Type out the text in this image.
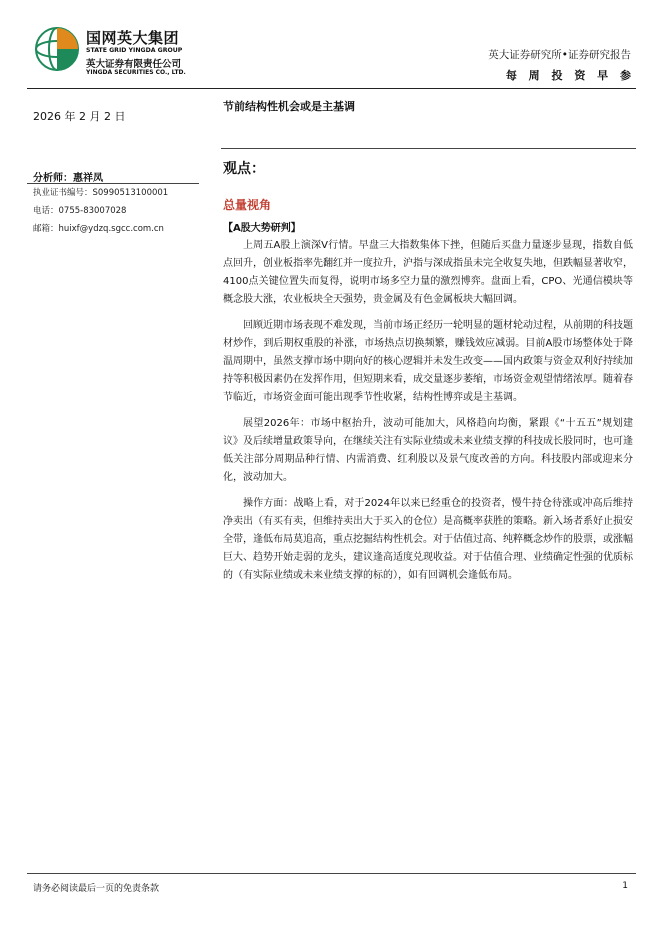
国网英大集团
STATE GRID YINGDA GROUP
英大证券有限责任公司
YINGDA SECURITIES CO., LTD.
英大证券研究所•证券研究报告
每 周 投 资 早 参
2026 年 2 月 2 日
分析师：惠祥凤
执业证书编号：S0990513100001
电话：0755-83007028
邮箱：huixf@ydzq.sgcc.com.cn
节前结构性机会或是主基调
观点：
总量视角
【A股大势研判】

上周五A股上演深V行情。早盘三大指数集体下挫，但随后买盘力量逐步显现，指数自低点回升，创业板指率先翻红并一度拉升，沪指与深成指虽未完全收复失地，但跌幅显著收窄，4100点关键位置失而复得，说明市场多空力量的激烈博弈。盘面上看，CPO、光通信模块等概念股大涨，农业板块全天强势，贵金属及有色金属板块大幅回调。

回顾近期市场表现不难发现，当前市场正经历一轮明显的题材轮动过程，从前期的科技题材炒作，到后期权重股的补涨，市场热点切换频繁，赚钱效应减弱。目前A股市场整体处于降温周期中，虽然支撑市场中期向好的核心逻辑并未发生改变——国内政策与资金双利好持续加持等积极因素仍在发挥作用，但短期来看，成交量逐步萎缩，市场资金观望情绪浓厚。随着春节临近，市场资金面可能出现季节性收紧，结构性博弈或是主基调。

展望2026年：市场中枢抬升，波动可能加大，风格趋向均衡，紧跟《“十五五”规划建议》及后续增量政策导向，在继续关注有实际业绩或未来业绩支撑的科技成长股同时，也可逢低关注部分周期品种行情、内需消费、红利股以及景气度改善的方向。科技股内部或迎来分化，波动加大。

操作方面：战略上看，对于2024年以来已经重仓的投资者，慢牛持仓待涨或冲高后维持净卖出（有买有卖，但维持卖出大于买入的仓位）是高概率获胜的策略。新入场者系好止损安全带，逢低布局莫追高，重点挖掘结构性机会。对于估值过高、纯粹概念炒作的股票，或涨幅巨大、趋势开始走弱的龙头，建议逢高适度兑现收益。对于估值合理、业绩确定性强的优质标的（有实际业绩或未来业绩支撑的标的），如有回调机会逢低布局。

请务必阅读最后一页的免责条款	1
